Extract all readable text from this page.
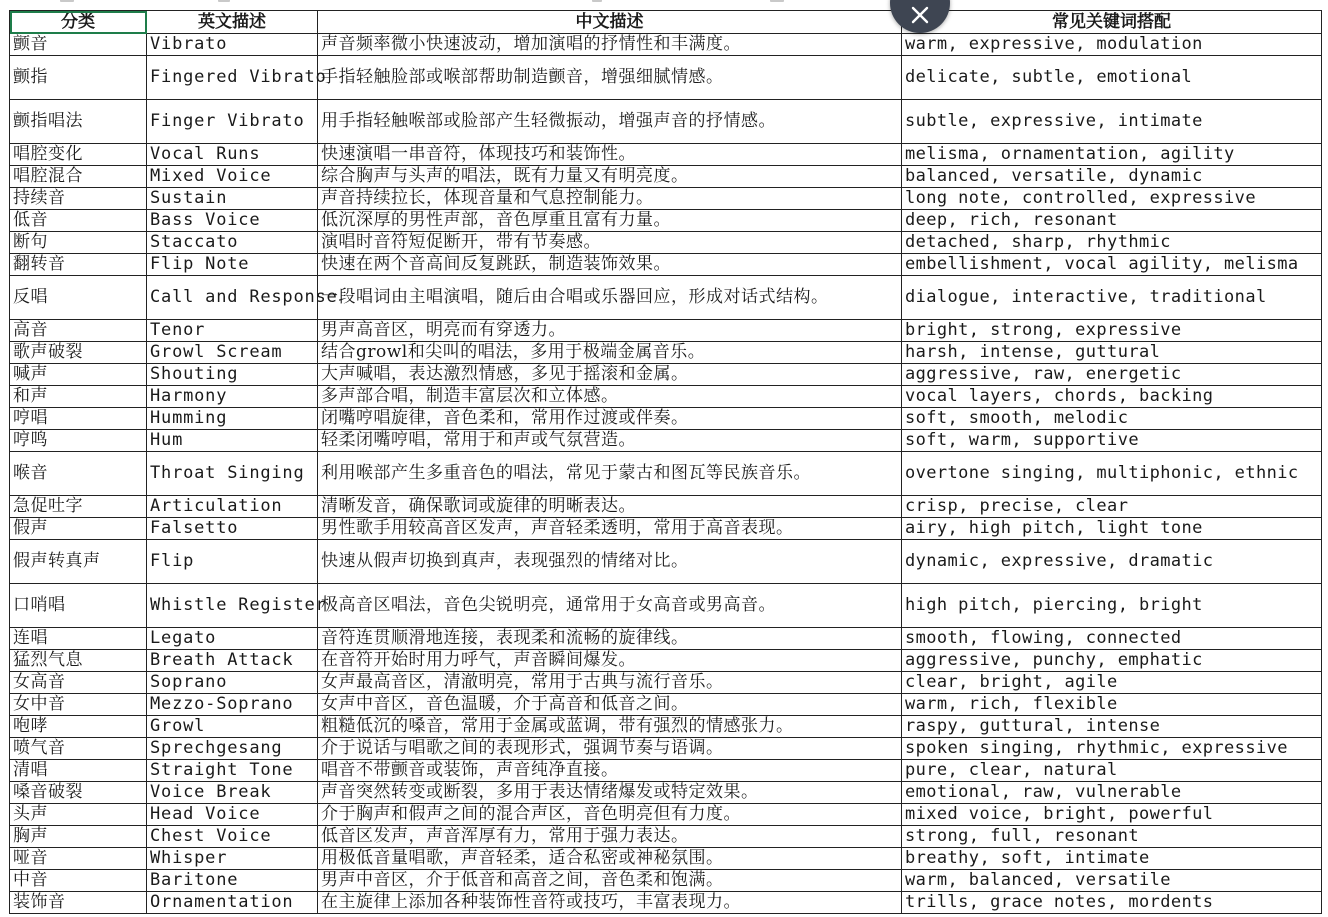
分类	英文描述	中文描述	常见关键词搭配
颤音	Vibrato	声音频率微小快速波动，增加演唱的抒情性和丰满度。	warm, expressive, modulation
颤指	Fingered Vibrato	手指轻触脸部或喉部帮助制造颤音，增强细腻情感。	delicate, subtle, emotional
颤指唱法	Finger Vibrato	用手指轻触喉部或脸部产生轻微振动，增强声音的抒情感。	subtle, expressive, intimate
唱腔变化	Vocal Runs	快速演唱一串音符，体现技巧和装饰性。	melisma, ornamentation, agility
唱腔混合	Mixed Voice	综合胸声与头声的唱法，既有力量又有明亮度。	balanced, versatile, dynamic
持续音	Sustain	声音持续拉长，体现音量和气息控制能力。	long note, controlled, expressive
低音	Bass Voice	低沉深厚的男性声部，音色厚重且富有力量。	deep, rich, resonant
断句	Staccato	演唱时音符短促断开，带有节奏感。	detached, sharp, rhythmic
翻转音	Flip Note	快速在两个音高间反复跳跃，制造装饰效果。	embellishment, vocal agility, melisma
反唱	Call and Response	一段唱词由主唱演唱，随后由合唱或乐器回应，形成对话式结构。	dialogue, interactive, traditional
高音	Tenor	男声高音区，明亮而有穿透力。	bright, strong, expressive
歌声破裂	Growl Scream	结合growl和尖叫的唱法，多用于极端金属音乐。	harsh, intense, guttural
喊声	Shouting	大声喊唱，表达激烈情感，多见于摇滚和金属。	aggressive, raw, energetic
和声	Harmony	多声部合唱，制造丰富层次和立体感。	vocal layers, chords, backing
哼唱	Humming	闭嘴哼唱旋律，音色柔和，常用作过渡或伴奏。	soft, smooth, melodic
哼鸣	Hum	轻柔闭嘴哼唱，常用于和声或气氛营造。	soft, warm, supportive
喉音	Throat Singing	利用喉部产生多重音色的唱法，常见于蒙古和图瓦等民族音乐。	overtone singing, multiphonic, ethnic
急促吐字	Articulation	清晰发音，确保歌词或旋律的明晰表达。	crisp, precise, clear
假声	Falsetto	男性歌手用较高音区发声，声音轻柔透明，常用于高音表现。	airy, high pitch, light tone
假声转真声	Flip	快速从假声切换到真声，表现强烈的情绪对比。	dynamic, expressive, dramatic
口哨唱	Whistle Register	极高音区唱法，音色尖锐明亮，通常用于女高音或男高音。	high pitch, piercing, bright
连唱	Legato	音符连贯顺滑地连接，表现柔和流畅的旋律线。	smooth, flowing, connected
猛烈气息	Breath Attack	在音符开始时用力呼气，声音瞬间爆发。	aggressive, punchy, emphatic
女高音	Soprano	女声最高音区，清澈明亮，常用于古典与流行音乐。	clear, bright, agile
女中音	Mezzo-Soprano	女声中音区，音色温暖，介于高音和低音之间。	warm, rich, flexible
咆哮	Growl	粗糙低沉的嗓音，常用于金属或蓝调，带有强烈的情感张力。	raspy, guttural, intense
喷气音	Sprechgesang	介于说话与唱歌之间的表现形式，强调节奏与语调。	spoken singing, rhythmic, expressive
清唱	Straight Tone	唱音不带颤音或装饰，声音纯净直接。	pure, clear, natural
嗓音破裂	Voice Break	声音突然转变或断裂，多用于表达情绪爆发或特定效果。	emotional, raw, vulnerable
头声	Head Voice	介于胸声和假声之间的混合声区，音色明亮但有力度。	mixed voice, bright, powerful
胸声	Chest Voice	低音区发声，声音浑厚有力，常用于强力表达。	strong, full, resonant
哑音	Whisper	用极低音量唱歌，声音轻柔，适合私密或神秘氛围。	breathy, soft, intimate
中音	Baritone	男声中音区，介于低音和高音之间，音色柔和饱满。	warm, balanced, versatile
装饰音	Ornamentation	在主旋律上添加各种装饰性音符或技巧，丰富表现力。	trills, grace notes, mordents
